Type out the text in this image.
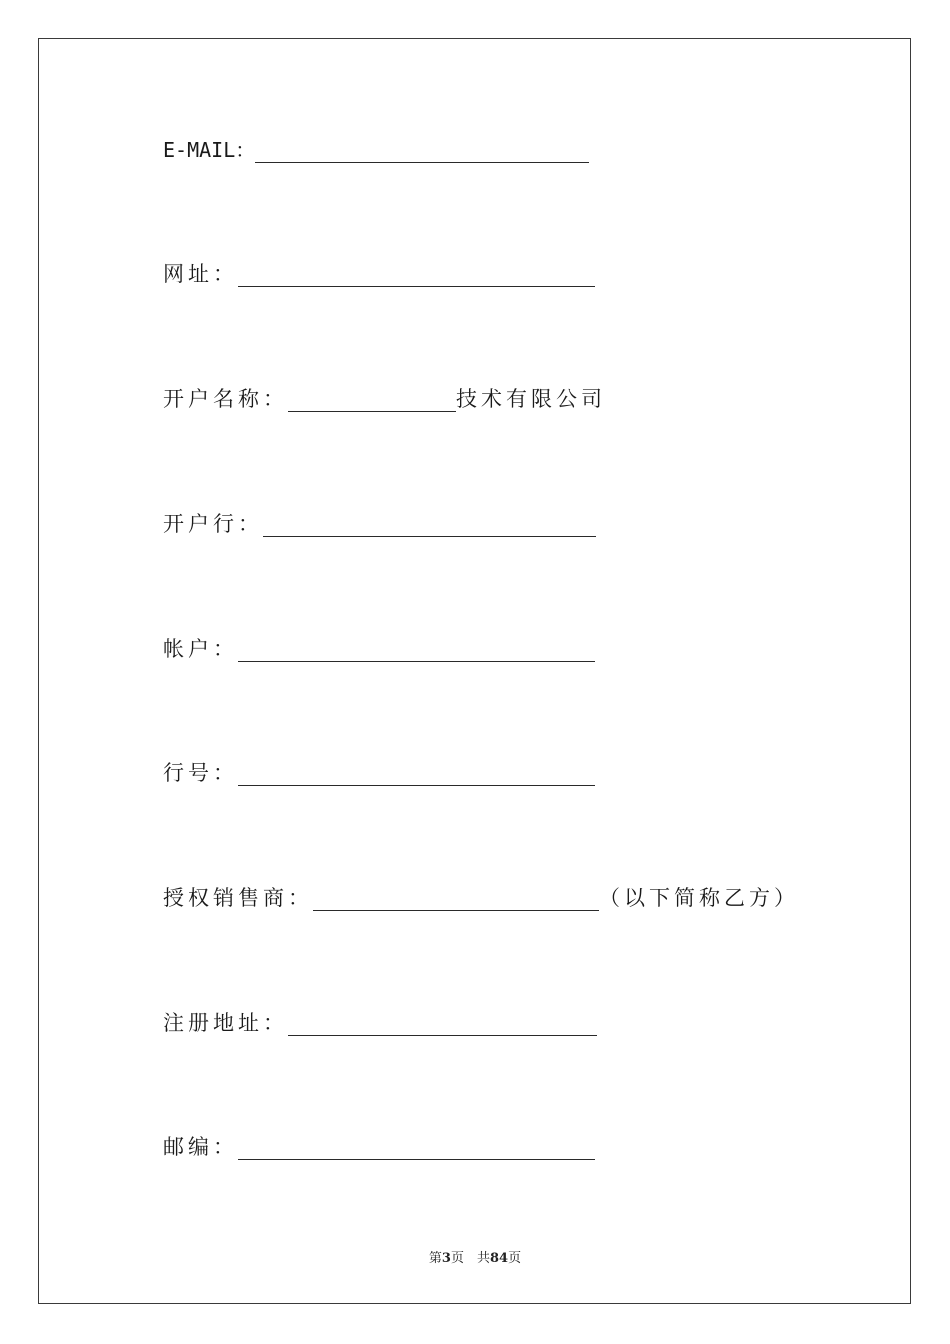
E-MAIL：
网址：
开户名称：	技术有限公司
开户行：
帐户：
行号：
授权销售商：	（以下简称乙方）
注册地址：
邮编：
第3页　共84页
